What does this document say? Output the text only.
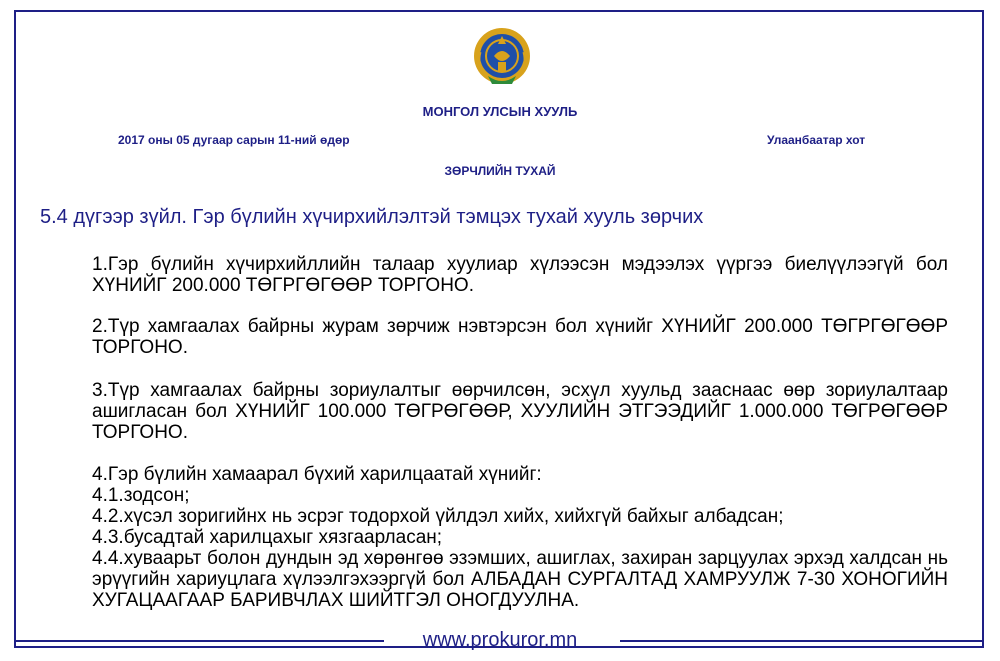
МОНГОЛ УЛСЫН ХУУЛЬ
2017 оны 05 дугаар сарын 11-ний өдөр	Улаанбаатар хот
ЗӨРЧЛИЙН ТУХАЙ
5.4 дүгээр зүйл. Гэр бүлийн хүчирхийлэлтэй тэмцэх тухай хууль зөрчих
1.Гэр бүлийн хүчирхийллийн талаар хуулиар хүлээсэн мэдээлэх үүргээ биелүүлээгүй бол ХҮНИЙГ 200.000 ТӨГРГӨГӨӨР ТОРГОНО.
2.Түр хамгаалах байрны журам зөрчиж нэвтэрсэн бол хүнийг ХҮНИЙГ 200.000 ТӨГРГӨГӨӨР ТОРГОНО.
3.Түр хамгаалах байрны зориулалтыг өөрчилсөн, эсхүл хуульд зааснаас өөр зориулалтаар ашигласан бол ХҮНИЙГ 100.000 ТӨГРӨГӨӨР, ХУУЛИЙН ЭТГЭЭДИЙГ 1.000.000 ТӨГРӨГӨӨР ТОРГОНО.
4.Гэр бүлийн хамаарал бүхий харилцаатай хүнийг:
4.1.зодсон;
4.2.хүсэл зоригийнх нь эсрэг тодорхой үйлдэл хийх, хийхгүй байхыг албадсан;
4.3.бусадтай харилцахыг хязгаарласан;
4.4.хуваарьт болон дундын эд хөрөнгөө эзэмших, ашиглах, захиран зарцуулах эрхэд халдсан нь эрүүгийн хариуцлага хүлээлгэхээргүй бол АЛБАДАН СУРГАЛТАД ХАМРУУЛЖ 7-30 ХОНОГИЙН ХУГАЦААГААР БАРИВЧЛАХ ШИЙТГЭЛ ОНОГДУУЛНА.
www.prokuror.mn
